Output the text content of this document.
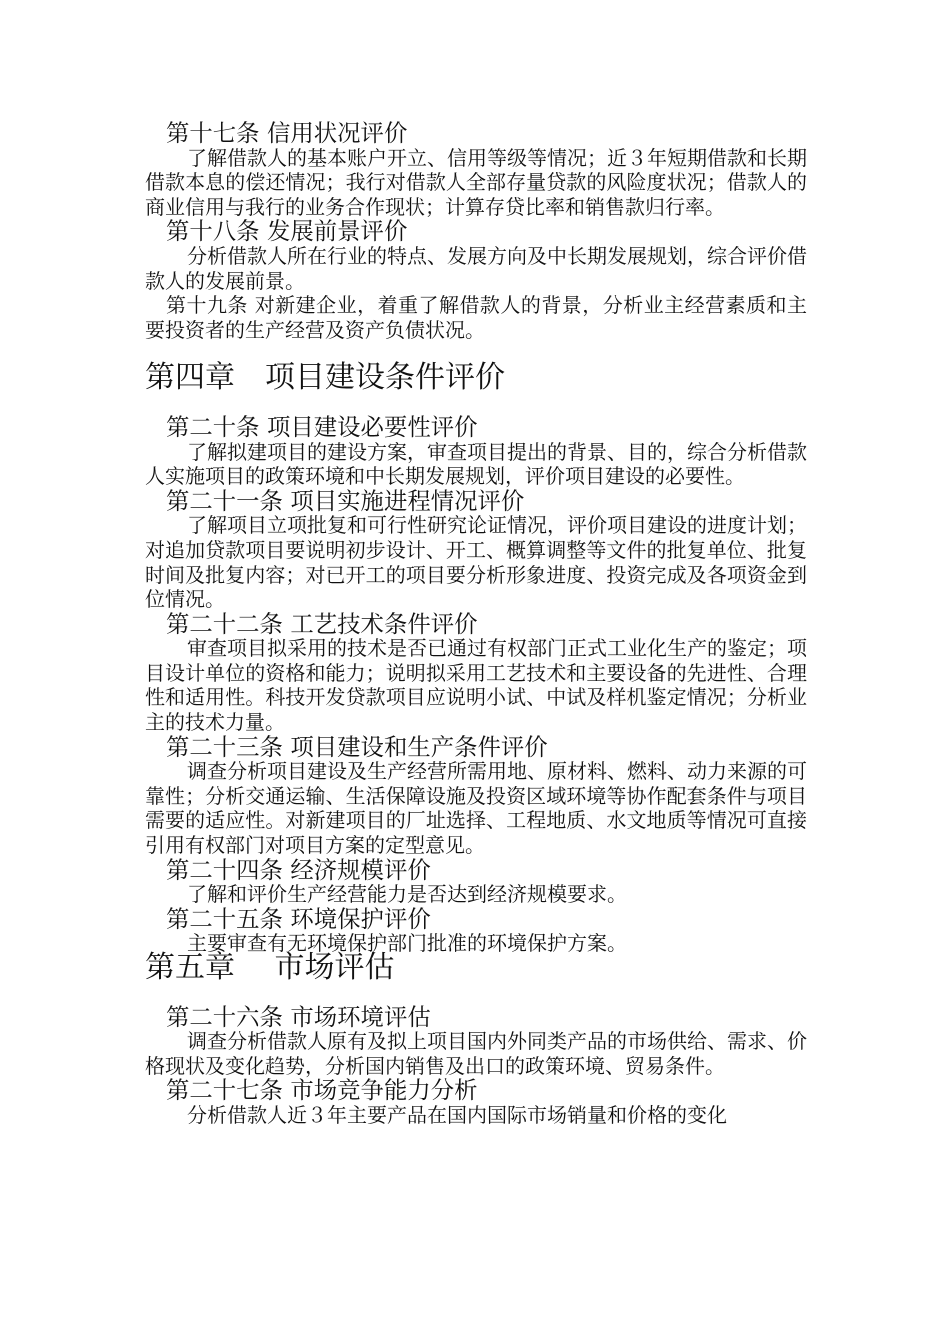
第十七条 信用状况评价

了解借款人的基本账户开立、信用等级等情况；近３年短期借款和长期借款本息的偿还情况；我行对借款人全部存量贷款的风险度状况；借款人的商业信用与我行的业务合作现状；计算存贷比率和销售款归行率。

第十八条 发展前景评价

分析借款人所在行业的特点、发展方向及中长期发展规划，综合评价借款人的发展前景。

第十九条 对新建企业，着重了解借款人的背景，分析业主经营素质和主要投资者的生产经营及资产负债状况。

第四章　项目建设条件评价
第二十条 项目建设必要性评价

了解拟建项目的建设方案，审查项目提出的背景、目的，综合分析借款人实施项目的政策环境和中长期发展规划，评价项目建设的必要性。

第二十一条 项目实施进程情况评价

了解项目立项批复和可行性研究论证情况，评价项目建设的进度计划；对追加贷款项目要说明初步设计、开工、概算调整等文件的批复单位、批复时间及批复内容；对已开工的项目要分析形象进度、投资完成及各项资金到位情况。

第二十二条 工艺技术条件评价

审查项目拟采用的技术是否已通过有权部门正式工业化生产的鉴定；项目设计单位的资格和能力；说明拟采用工艺技术和主要设备的先进性、合理性和适用性。科技开发贷款项目应说明小试、中试及样机鉴定情况；分析业主的技术力量。

第二十三条 项目建设和生产条件评价

调查分析项目建设及生产经营所需用地、原材料、燃料、动力来源的可靠性；分析交通运输、生活保障设施及投资区域环境等协作配套条件与项目需要的适应性。对新建项目的厂址选择、工程地质、水文地质等情况可直接引用有权部门对项目方案的定型意见。

第二十四条 经济规模评价

了解和评价生产经营能力是否达到经济规模要求。

第二十五条 环境保护评价

主要审查有无环境保护部门批准的环境保护方案。

第五章　 市场评估
第二十六条 市场环境评估

调查分析借款人原有及拟上项目国内外同类产品的市场供给、需求、价格现状及变化趋势，分析国内销售及出口的政策环境、贸易条件。

第二十七条 市场竞争能力分析

分析借款人近３年主要产品在国内国际市场销量和价格的变化
